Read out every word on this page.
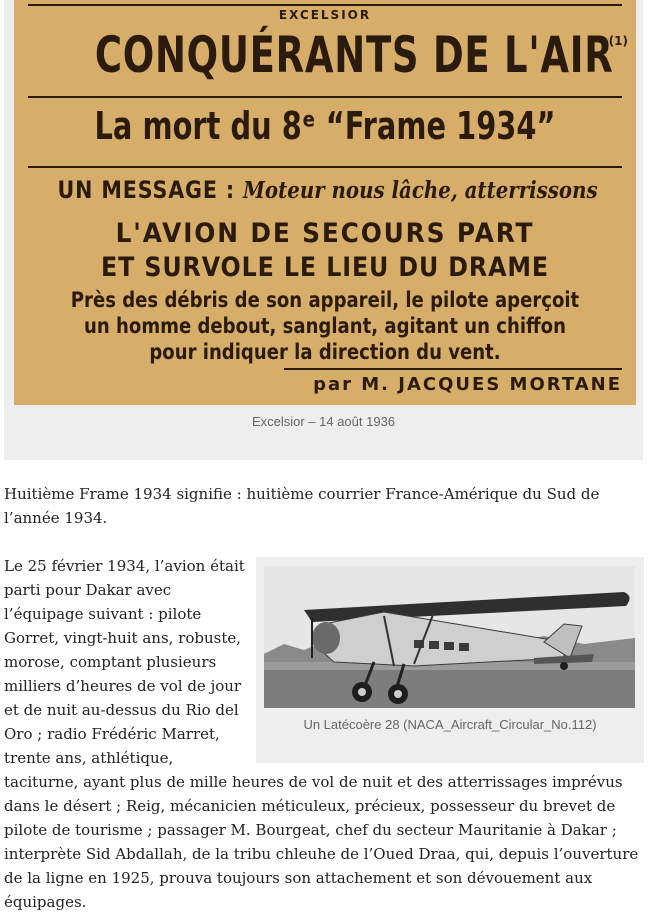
EXCELSIOR
CONQUÉRANTS DE L'AIR
(1)
La mort du 8ᵉ “Frame 1934”
UN MESSAGE : Moteur nous lâche, atterrissons
L'AVION DE SECOURS PART
ET SURVOLE LE LIEU DU DRAME
Près des débris de son appareil, le pilote aperçoit
un homme debout, sanglant, agitant un chiffon
pour indiquer la direction du vent.
par M. JACQUES MORTANE
Excelsior – 14 août 1936

Huitième Frame 1934 signifie : huitième courrier France-Amérique du Sud de l’année 1934.

Le 25 février 1934, l’avion était parti pour Dakar avec l’équipage suivant : pilote Gorret, vingt-huit ans, robuste, morose, comptant plusieurs milliers d’heures de vol de jour et de nuit au-dessus du Rio del Oro ; radio Frédéric Marret, trente ans, athlétique, taciturne, ayant plus de mille heures de vol de nuit et des atterrissages imprévus dans le désert ; Reig, mécanicien méticuleux, précieux, possesseur du brevet de pilote de tourisme ; passager M. Bourgeat, chef du secteur Mauritanie à Dakar ; interprète Sid Abdallah, de la tribu chleuhe de l’Oued Draa, qui, depuis l’ouverture de la ligne en 1925, prouva toujours son attachement et son dévouement aux équipages.
Un Latécoère 28 (NACA_Aircraft_Circular_No.112)
